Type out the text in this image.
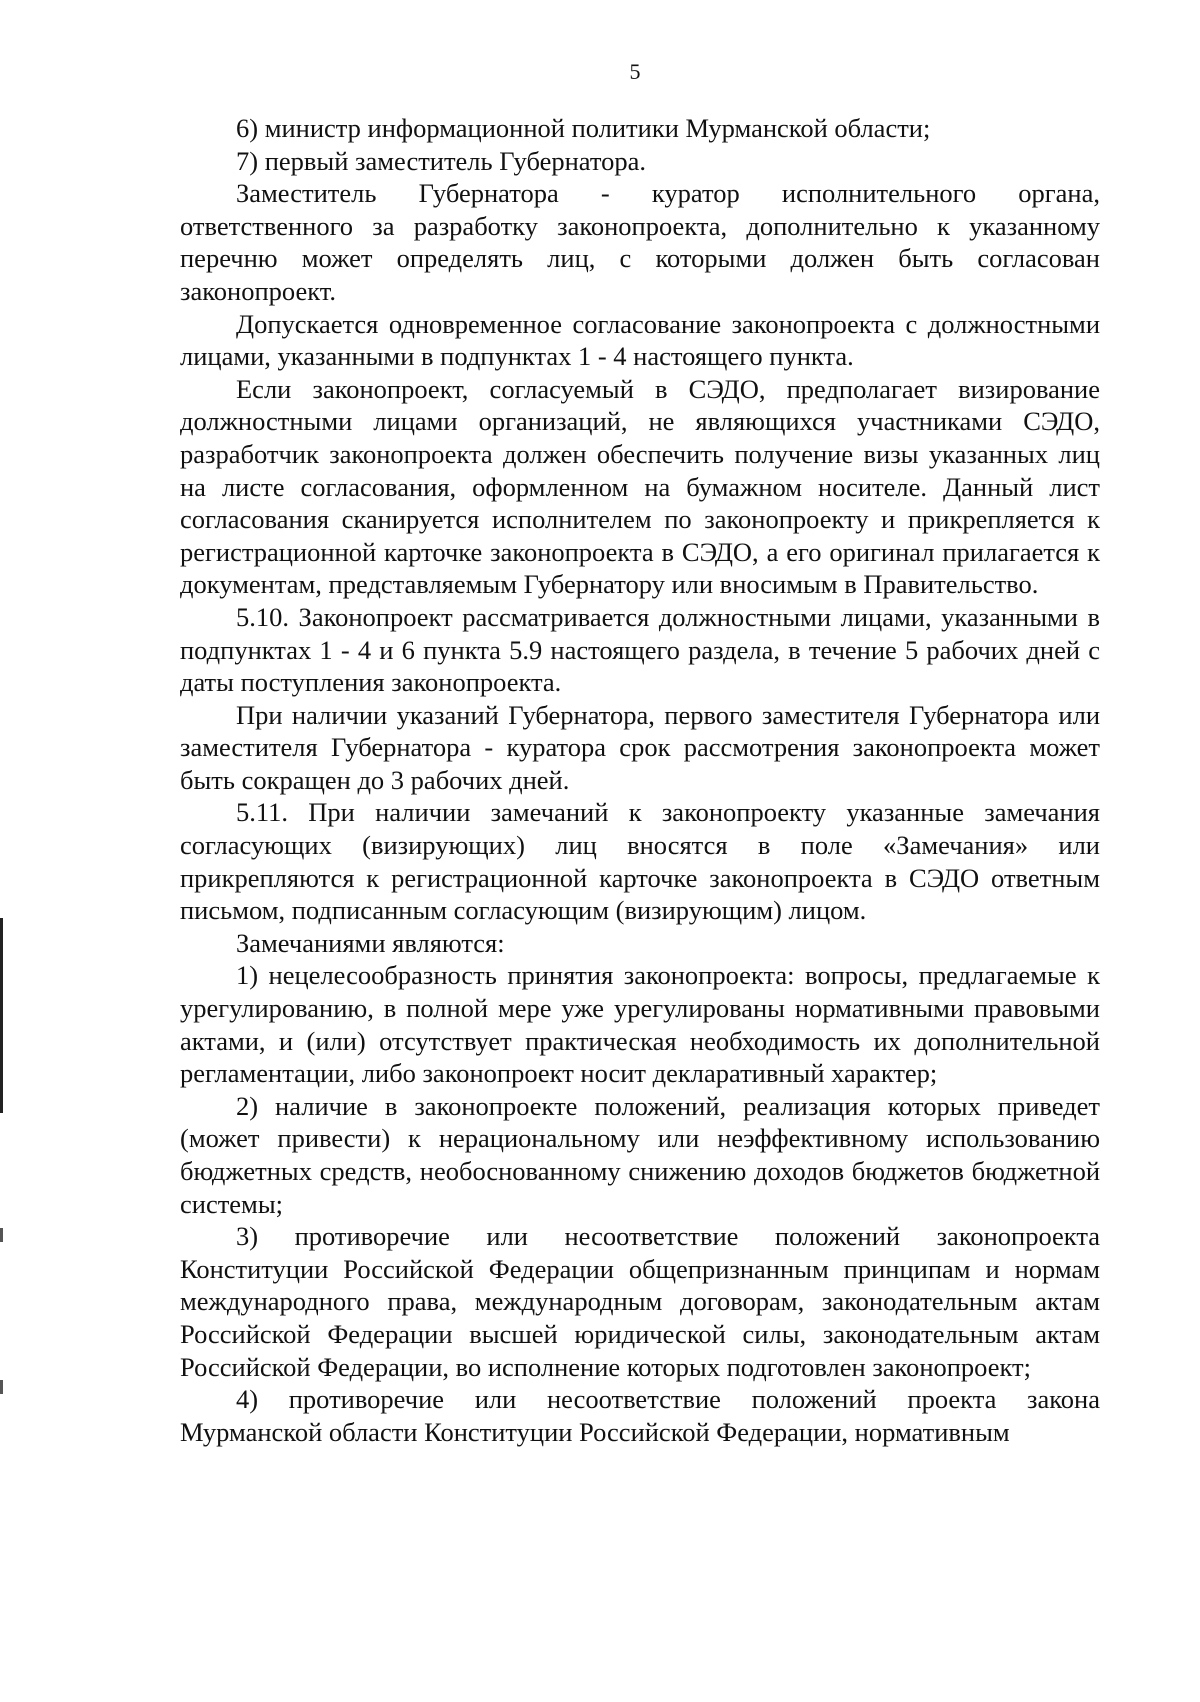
5

6) министр информационной политики Мурманской области;

7) первый заместитель Губернатора.

Заместитель Губернатора - куратор исполнительного органа, ответственного за разработку законопроекта, дополнительно к указанному перечню может определять лиц, с которыми должен быть согласован законопроект.

Допускается одновременное согласование законопроекта с должностными лицами, указанными в подпунктах 1 - 4 настоящего пункта.

Если законопроект, согласуемый в СЭДО, предполагает визирование должностными лицами организаций, не являющихся участниками СЭДО, разработчик законопроекта должен обеспечить получение визы указанных лиц на листе согласования, оформленном на бумажном носителе. Данный лист согласования сканируется исполнителем по законопроекту и прикрепляется к регистрационной карточке законопроекта в СЭДО, а его оригинал прилагается к документам, представляемым Губернатору или вносимым в Правительство.

5.10. Законопроект рассматривается должностными лицами, указанными в подпунктах 1 - 4 и 6 пункта 5.9 настоящего раздела, в течение 5 рабочих дней с даты поступления законопроекта.

При наличии указаний Губернатора, первого заместителя Губернатора или заместителя Губернатора - куратора срок рассмотрения законопроекта может быть сокращен до 3 рабочих дней.

5.11. При наличии замечаний к законопроекту указанные замечания согласующих (визирующих) лиц вносятся в поле «Замечания» или прикрепляются к регистрационной карточке законопроекта в СЭДО ответным письмом, подписанным согласующим (визирующим) лицом.

Замечаниями являются:

1) нецелесообразность принятия законопроекта: вопросы, предлагаемые к урегулированию, в полной мере уже урегулированы нормативными правовыми актами, и (или) отсутствует практическая необходимость их дополнительной регламентации, либо законопроект носит декларативный характер;

2) наличие в законопроекте положений, реализация которых приведет (может привести) к нерациональному или неэффективному использованию бюджетных средств, необоснованному снижению доходов бюджетов бюджетной системы;

3) противоречие или несоответствие положений законопроекта Конституции Российской Федерации общепризнанным принципам и нормам международного права, международным договорам, законодательным актам Российской Федерации высшей юридической силы, законодательным актам Российской Федерации, во исполнение которых подготовлен законопроект;

4) противоречие или несоответствие положений проекта закона Мурманской области Конституции Российской Федерации, нормативным
